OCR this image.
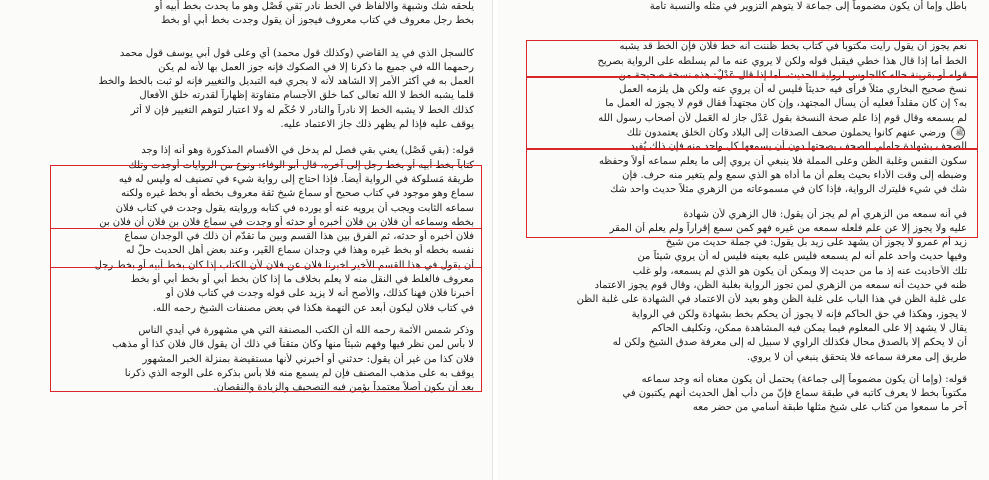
يلحقه شك وشبهة والالفاظ في الخط نادر بَقي فَصْل وهو ما يحدث بخط أبيه أو
بخط رجل معروف في كتاب معروف فيجوز أن يقول وجدت بخط أبي أو بخط
كالسجل الذي في يد القاضي (وكذلك قول محمد) أي وعلى قول أبي يوسف قول محمد
رحمهما الله في جميع ما ذكرنا إلا في الصكوك فإنه جوز العمل بها لأنه لم يكن
العمل به في أكثر الأمر إلا الشاهد لأنه لا يجري فيه التبديل والتغيير فإنه لو ثبت بالخط والخط
قلما يشبه الخط لا الله تعالى كما خلق الأجسام متفاوتة إظهاراً لقدرته خلق الأفعال
كذلك الخط لا يشبه الخط إلا نادراً والنادر لا حُكْم له ولا اعتبار لتوهم التغيير فإن لا أثر
يوقف عليه فإذا لم يظهر ذلك جاز الاعتماد عليه.
قوله: (بقي فَصْل) يعني بقي فصل لم يدخل في الأقسام المذكورة وهو أنه إذا وجد
كتاباً بخط أبيه أو بخط رجل إلى آخره، قال أبو الوفاء: ونوع من الروايات أوجدت وتلك
طريقة مَسلوكة في الرواية أيضاً. فإذا احتاج إلى رواية شيء في تصنيف له وليس له فيه
سماع وهو موجود في كتاب صحيح أو سماع شيخ ثقة معروف بخطه أو بخط غيره ولكنه
سماعه الثابت ويجب أن يرويه عنه أو يورده في كتابه وروايته يقول وجدت في كتاب فلان
بخطه وسماعه أن فلان بن فلان أخبره أو حدثه أو وجدت في سماع فلان بن فلان أن فلان بن
فلان أخبره أو حدثه، ثم الفرق بين هذا القسم وبين ما تقدّم أن ذلك في الوجدان سماع
نفسه بخطه أو بخط غيره وهذا في وجدان سماع الغَير، وعند بعض أهل الحديث حلّ له
أن يقول في هذا القسم الأخير اخبرنا فلان عن فلان لأن الكتاب إذا كان بخط أبيه أو بخط رجل
معروف فالغلط في النقل منه لا يعلم بخلاف ما إذا كان بخط أبي أو بخط أبي أو بخط
أخبرنا فلان فهنا كذلك، والأصح أنه لا يزيد على قوله وجدت في كتاب فلان أو
في كتاب فلان ليكون أبعد عن التهمة هكذا في بعض مصنفات الشيخ رحمه الله.
وذكر شمس الأئمة رحمه الله أن الكتب المصنفة التي هي مشهورة في أيدي الناس
لا بأس لمن نظر فيها وفهم شيئاً منها وكان متقناً في ذلك أن يقول قال فلان كذا أو مذهب
فلان كذا من غير أن يقول: حدثني أو أخبرني لأنها مستفيضة بمنزلة الخبر المشهور
يوقف به على مذهب المصنف فإن لم يسمع منه فلا بأس بذكره على الوجه الذي ذكرنا
بعد أن يكون أصلاً معتمداً يؤمن فيه التصحيف والزيادة والنقصان.
باطل وإما أن يكون مضموماً إلى جماعة لا يتوهم التزوير في مثله والنسبة تامة
نعم يجوز أن يقول رأيت مكتوباً في كتاب بخط ظننت أنه خط فلان فإن الخط قد يشبه
الخط أما إذا قال هذا خطي فيقبل قوله ولكن لا يروي عنه ما لم يسلطه على الرواية بصريح
قوله أو بقرينة حاله كالجلوس لرواية الحديث، أما إذا قال عَدْلٌ: هذه نسخة صحيحة من
نسخ صحيح البخاري مثلاً فرأى فيه حديثاً فليس له أن يروي عنه ولكن هل يلزمه العمل
به؟ إن كان مقلداً فعليه أن يسأل المجتهد، وإن كان مجتهداً فقال قوم لا يجوز له العمل ما
لم يسمعه وقال قوم إذا علم صحة النسخة بقول عَدْل جاز له العَمل لأن أصحاب رسول الله
ﷺ ورضي عنهم كانوا يحملون صحف الصدقات إلى البلاد وكان الخلق يعتمدون تلك
الصحف بشهادة حاملي الصحف بصحتها دون أن يسمعها كل واحد منه فإن ذلك يُفيد
سكون النفس وغلبة الظن وعلى المملة فلا ينبغي أن يروي إلى ما يعلم سماعه أولاً وحفظه
وضبطه إلى وقت الأداء بحيث يعلم أن ما أداه هو الذي سمع ولم يتغير منه حرف. فإن
شك في شيء فليترك الرواية، فإذا كان في مسموعاته من الزهري مثلاً حديث واحد شك
في أنه سمعه من الزهري أم لم يجز أن يقول: قال الزهري لأن شهادة
عليه ولا يجوز إلا عن علم فلعله سمعه من غيره فهو كمن سمع إقراراً ولم يعلم أن المقر
زيد أم عمرو لا يجوز أن يشهد على زيد بل يقول: في جملة حديث من شيخ
وفيها حديث واحد علم أنه لم يسمعه فليس عليه بعينه فليس له أن يروي شيئاً من
تلك الأحاديث عنه إذ ما من حديث إلا ويمكن أن يكون هو الذي لم يسمعه، ولو غلب
ظنه في حديث أنه سمعه من الزهري لمن تجوز الرواية بغلبة الظن، وقال قوم يجوز الاعتماد
على غلبة الظن في هذا الباب على غلبة الظن وهو بعيد لأن الاعتماد في الشهادة على غلبة الظن
لا يجوز، وهكذا في حق الحاكم فإنه لا يجوز أن يحكم بخط بشهادة ولكن في الرواية
يقال لا يشهد إلا على المعلوم فيما يمكن فيه المشاهدة ممكن، وتكليف الحاكم
أن لا يحكم إلا بالصدق محال فكذلك الراوي لا سبيل له إلى معرفة صدق الشيخ ولكن له
طريق إلى معرفة سماعه فلا يتحقق ينبغي أن لا يروي.
قوله: (وإما أن يكون مضموماً إلى جماعة) يحتمل أن يكون معناه أنه وجد سماعه
مكتوباً بخط لا يعرف كاتبه في طبقة سماع فإنّ من دأب أهل الحديث أنهم يكتبون في
آخر ما سمعوا من كتاب على شيخ مثلها طبقة أسامي من حضر معه
